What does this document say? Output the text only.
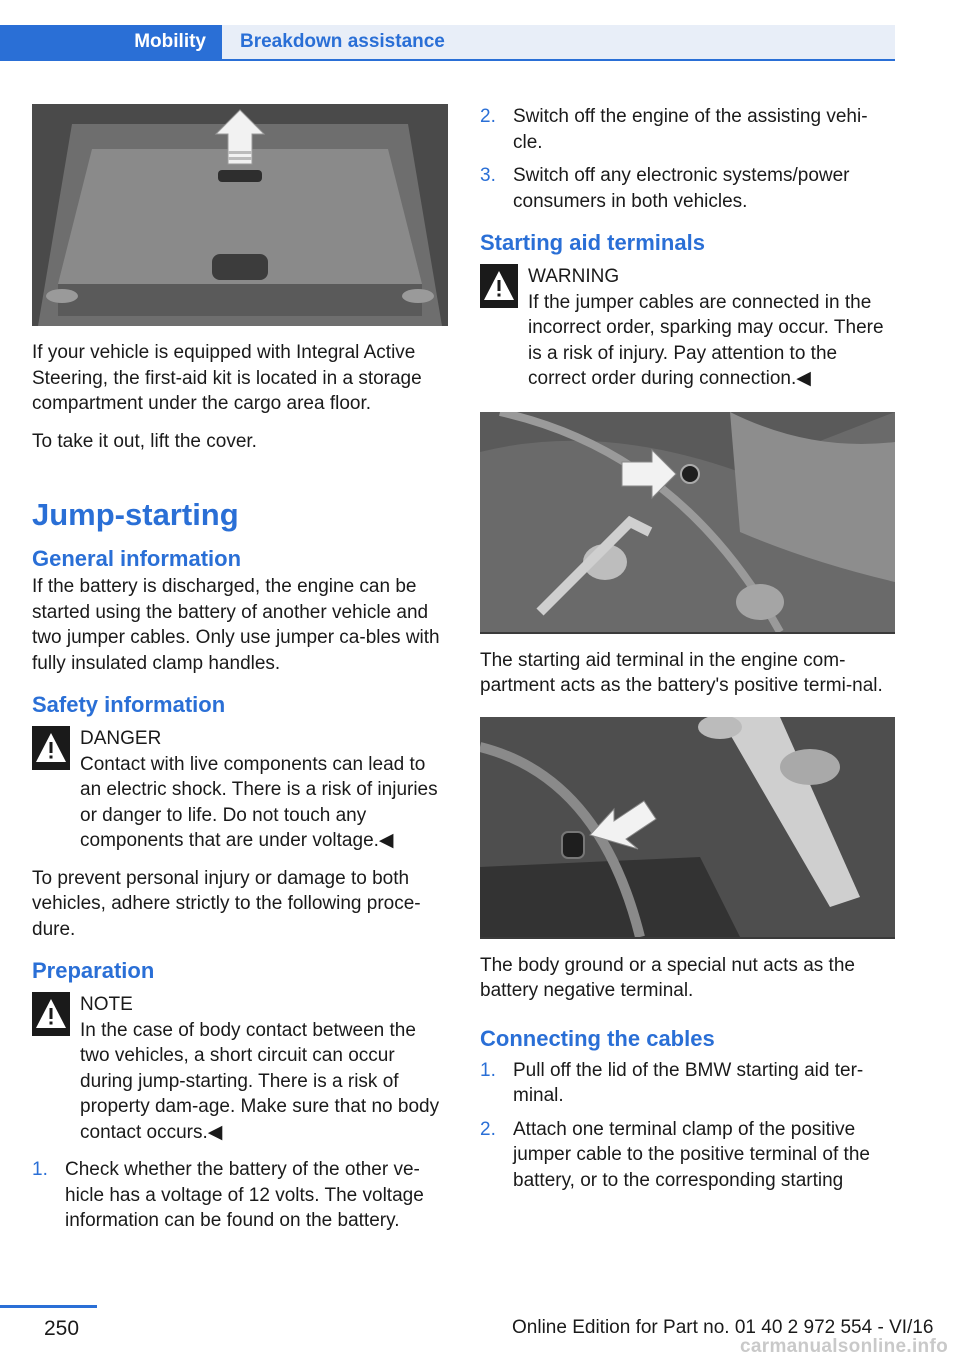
Mobility	Breakdown assistance

If your vehicle is equipped with Integral Active Steering, the first-aid kit is located in a storage compartment under the cargo area floor.

To take it out, lift the cover.

Jump-starting
General information

If the battery is discharged, the engine can be started using the battery of another vehicle and two jumper cables. Only use jumper ca‐bles with fully insulated clamp handles.

Safety information
DANGER
Contact with live components can lead to an electric shock. There is a risk of injuries or danger to life. Do not touch any components that are under voltage.◀

To prevent personal injury or damage to both vehicles, adhere strictly to the following proce‐dure.

Preparation
NOTE
In the case of body contact between the two vehicles, a short circuit can occur during jump-starting. There is a risk of property dam‐age. Make sure that no body contact occurs.◀
1. Check whether the battery of the other ve‐hicle has a voltage of 12 volts. The voltage information can be found on the battery.
2. Switch off the engine of the assisting vehi‐cle.
3. Switch off any electronic systems/power consumers in both vehicles.
Starting aid terminals
WARNING
If the jumper cables are connected in the incorrect order, sparking may occur. There is a risk of injury. Pay attention to the correct order during connection.◀

The starting aid terminal in the engine com‐partment acts as the battery's positive termi‐nal.

The body ground or a special nut acts as the battery negative terminal.

Connecting the cables
1. Pull off the lid of the BMW starting aid ter‐minal.
2. Attach one terminal clamp of the positive jumper cable to the positive terminal of the battery, or to the corresponding starting
250	Online Edition for Part no. 01 40 2 972 554 - VI/16
carmanualsonline.info
